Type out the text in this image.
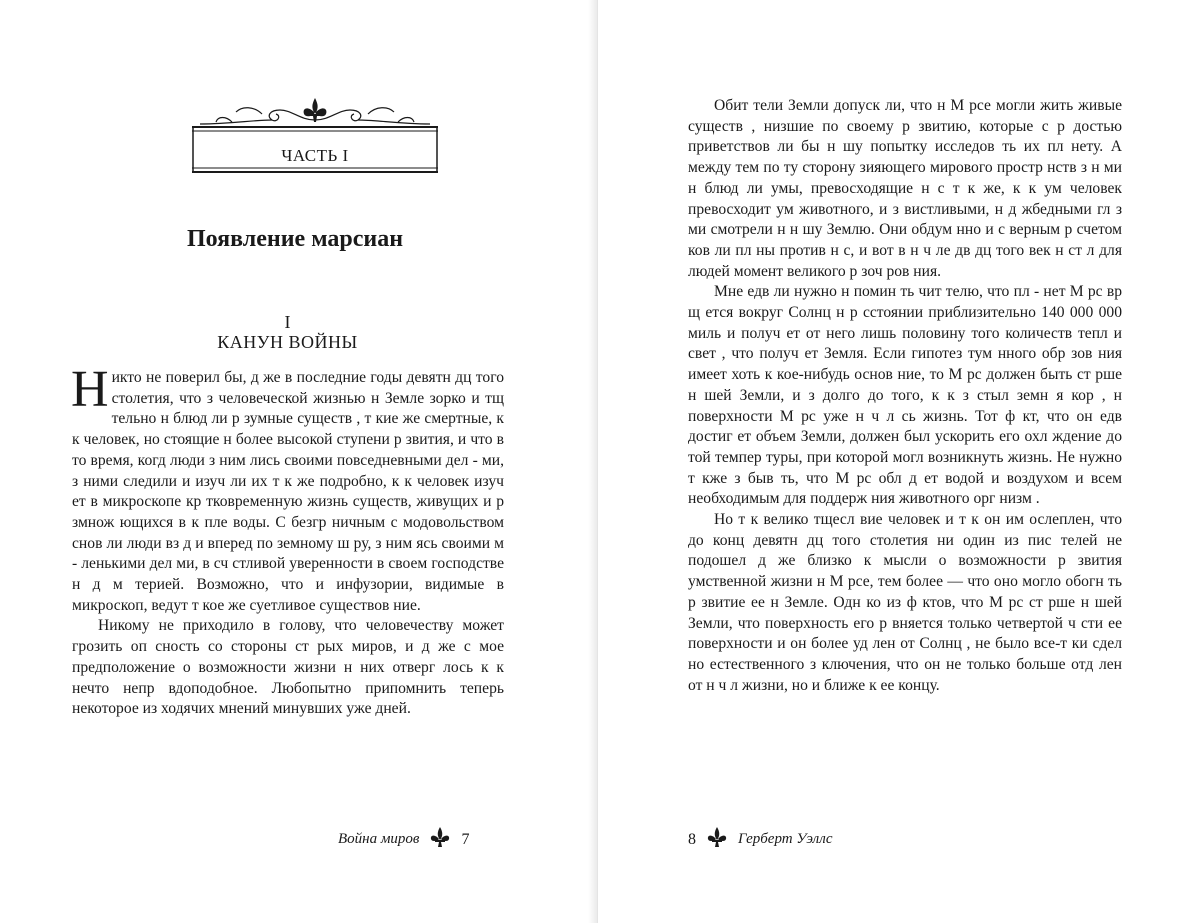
ЧАСТЬ I
Появление марсиан
I
КАНУН ВОЙНЫ

Никто не поверил бы, д же в последние годы девятн дц того столетия, что з человеческой жизнью н Земле зорко и тщ тельно н блюд ли р зумные существ , т кие же смертные, к к человек, но стоящие н более высокой ступени р звития, и что в то время, когд люди з ним лись своими повседневными дел - ми, з ними следили и изуч ли их т к же подробно, к к человек изуч ет в микроскопе кр тковременную жизнь существ, живущих и р змнож ющихся в к пле воды. С безгр ничным с модовольством снов ли люди вз д и вперед по земному ш ру, з ним ясь своими м - ленькими дел ми, в сч стливой уверенности в своем господстве н д м терией. Возможно, что и инфузории, видимые в микроскоп, ведут т кое же суетливое существов ние.

Никому не приходило в голову, что человечеству может грозить оп сность со стороны ст рых миров, и д же с мое предположение о возможности жизни н них отверг лось к к нечто непр вдоподобное. Любопытно припомнить теперь некоторое из ходячих мнений минувших уже дней.

Война миров	7

Обит тели Земли допуск ли, что н М рсе могли жить живые существ , низшие по своему р звитию, которые с р достью приветствов ли бы н шу попытку исследов ть их пл нету. А между тем по ту сторону зияющего мирового простр нств з н ми н блюд ли умы, превосходящие н с т к же, к к ум человек превосходит ум животного, и з вистливыми, н д жбедными гл з ми смотрели н н шу Землю. Они обдум нно и с верным р счетом ков ли пл ны против н с, и вот в н ч ле дв дц того век н ст л для людей момент великого р зоч ров ния.

Мне едв ли нужно н помин ть чит телю, что пл - нет М рс вр щ ется вокруг Солнц н р сстоянии приблизительно 140 000 000 миль и получ ет от него лишь половину того количеств тепл и свет , что получ ет Земля. Если гипотез тум нного обр зов ния имеет хоть к кое-нибудь основ ние, то М рс должен быть ст рше н шей Земли, и з долго до того, к к з стыл земн я кор , н поверхности М рс уже н ч л сь жизнь. Тот ф кт, что он едв достиг ет объем Земли, должен был ускорить его охл ждение до той темпер туры, при которой могл возникнуть жизнь. Не нужно т кже з быв ть, что М рс обл д ет водой и воздухом и всем необходимым для поддерж ния животного орг низм .

Но т к велико тщесл вие человек и т к он им ослеплен, что до конц девятн дц того столетия ни один из пис телей не подошел д же близко к мысли о возможности р звития умственной жизни н М рсе, тем более — что оно могло обогн ть р звитие ее н Земле. Одн ко из ф ктов, что М рс ст рше н шей Земли, что поверхность его р вняется только четвертой ч сти ее поверхности и он более уд лен от Солнц , не было все-т ки сдел но естественного з ключения, что он не только больше отд лен от н ч л жизни, но и ближе к ее концу.

8	Герберт Уэллс
